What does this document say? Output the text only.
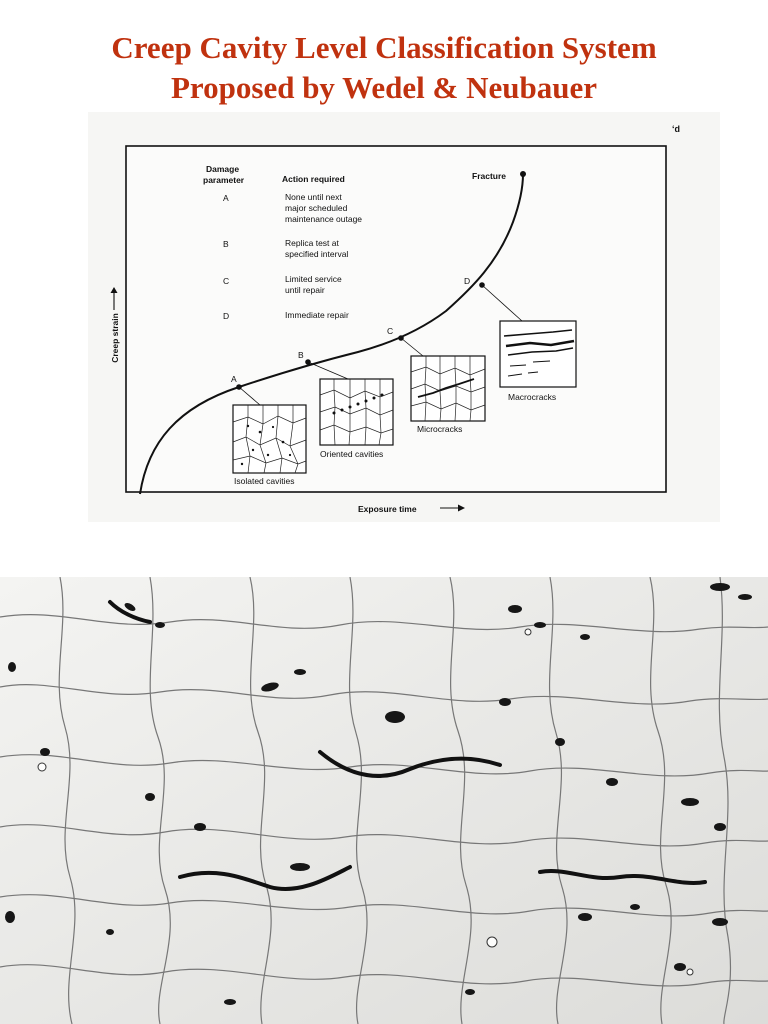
Creep Cavity Level Classification System
Proposed by Wedel & Neubauer
‘d
Damage
parameter	Action required
A	None until next
major scheduled
maintenance outage
B	Replica test at
specified interval
C	Limited service
until repair
D	Immediate repair
Creep strain
Exposure time
Fracture
A
B
C
D
Isolated cavities
Oriented cavities
Microcracks
Macrocracks
